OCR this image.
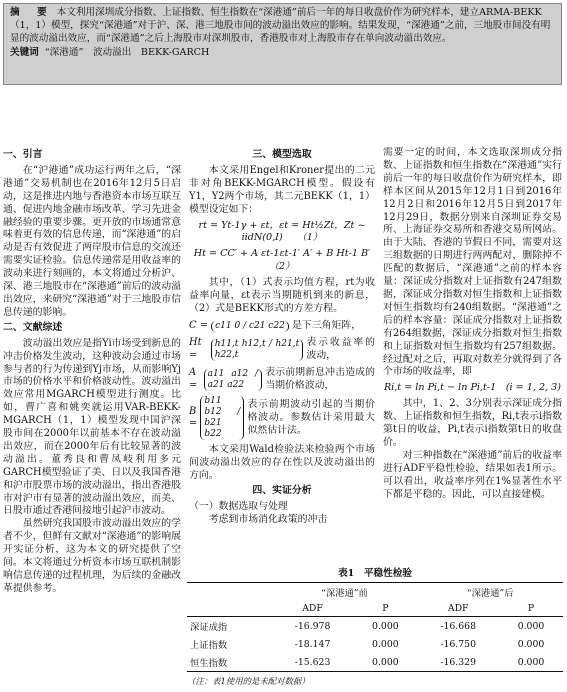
摘　要 本文利用深圳成分指数、上证指数、恒生指数在“深港通”前后一年的每日收盘价作为研究样本，建立ARMA-BEKK（1，1）模型，探究“深港通”对于沪、深、港三地股市间的波动溢出效应的影响。结果发现，“深港通”之前，三地股市间没有明显的波动溢出效应，而“深港通”之后上海股市对深圳股市，香港股市对上海股市存在单向波动溢出效应。

关键词 “深港通”　波动溢出　BEKK-GARCH

一、引言

在“沪港通”成功运行两年之后，“深港通”交易机制也在2016年12月5日启动，这是推进内地与香港资本市场互联互通、促进内地金融市场改革、学习先进金融经验的重要步骤。更开放的市场通常意味着更有效的信息传递，而“深港通”的启动是否有效促进了两岸股市信息的交流还需要实证检验。信息传递常是用收益率的波动来进行刻画的，本文将通过分析沪、深、港三地股市在“深港通”前后的波动溢出效应，来研究“深港通”对于三地股市信息传递的影响。

二、文献综述

波动溢出效应是指Yi市场受到新息的冲击价格发生波动，这种波动会通过市场参与者的行为传递到Yj市场，从而影响Yj市场的价格水平和价格波动性。波动溢出效应常用MGARCH模型进行测度。比如，曹广喜和姚奕就运用VAR-BEKK-MGARCH（1，1）模型发现中国沪深股市间在2000年以前基本不存在波动溢出效应，而在2000年后有比较显著的波动溢出。董秀良和曹凤岐利用多元GARCH模型验证了美、日以及我国香港和沪市股票市场的波动溢出，指出香港股市对沪市有显著的波动溢出效应，而美、日股市通过香港间接地引起沪市波动。

虽然研究我国股市波动溢出效应的学者不少，但鲜有文献对“深港通”的影响展开实证分析，这为本文的研究提供了空间。本文将通过分析资本市场互联机制影响信息传递的过程机理，为后续的金融改革提供参考。

三、模型选取

本文采用Engel和Kroner提出的二元非对角BEKK-MGARCH模型。假设有Y1，Y2两个市场，其二元BEKK（1，1）模型设定如下：

rt = Yt-1γ + εt，εt = Ht½Zt，Zt ~ iidN(0,I)　　（1）
Ht = CC′ + A εt-1εt-1′ A′ + B Ht-1 B′　　（2）

其中，（1）式表示均值方程，rt为收益率向量，εt表示当期随机到来的新息，（2）式是BEKK形式的方差方程。

C =
c11 0 / c21 c22
是下三角矩阵，
Ht =

h11,t h12,t / h21,t h22,t

表示收益率的波动，
A =

a11 a12 / a21 a22

表示前期新息冲击造成的当期价格波动，
B =

b11 b12 / b21 b22

表示前期波动引起的当期价格波动。参数估计采用最大似然估计法。

本文采用Wald检验法来检验两个市场间波动溢出效应的存在性以及波动溢出的方向。

四、实证分析

（一）数据选取与处理

考虑到市场消化政策的冲击

需要一定的时间，本文选取深圳成分指数、上证指数和恒生指数在“深港通”实行前后一年的每日收盘价作为研究样本，即样本区间从2015年12月1日到2016年12月2日和2016年12月5日到2017年12月29日，数据分别来自深圳证券交易所、上海证券交易所和香港交易所网站。由于大陆、香港的节假日不同，需要对这三组数据的日期进行两两配对，删除掉不匹配的数据后，“深港通”之前的样本容量：深证成分指数对上证指数有247组数据，深证成分指数对恒生指数和上证指数对恒生指数均有240组数据。“深港通”之后的样本容量：深证成分指数对上证指数有264组数据，深证成分指数对恒生指数和上证指数对恒生指数均有257组数据。经过配对之后，再取对数差分就得到了各个市场的收益率，即

Ri,t = ln Pi,t − ln Pi,t-1　(i = 1, 2, 3)

其中，1、2、3分别表示深证成分指数、上证指数和恒生指数，Ri,t表示i指数第t日的收益，Pi,t表示i指数第t日的收盘价。

对三种指数在“深港通”前后的收益率进行ADF平稳性检验，结果如表1所示。可以看出，收益率序列在1%显著性水平下都是平稳的。因此，可以直接建模。

表1　平稳性检验
	“深港通”前		“深港通”后	
	ADF	P	ADF	P
深证成指	-16.978	0.000	-16.668	0.000
上证指数	-18.147	0.000	-16.750	0.000
恒生指数	-15.623	0.000	-16.329	0.000
（注：表1使用的是未配对数据）
